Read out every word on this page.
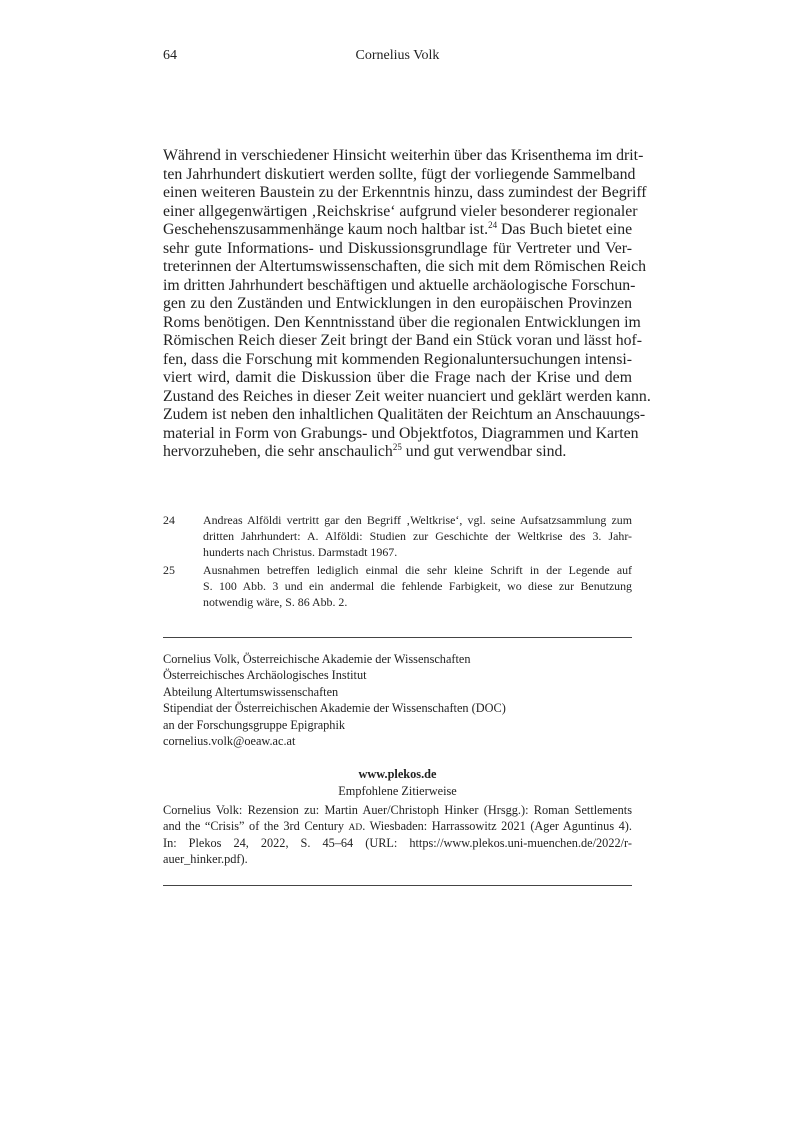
64	Cornelius Volk
Während in verschiedener Hinsicht weiterhin über das Krisenthema im drit-
ten Jahrhundert diskutiert werden sollte, fügt der vorliegende Sammelband
einen weiteren Baustein zu der Erkenntnis hinzu, dass zumindest der Begriff
einer allgegenwärtigen ‚Reichskrise‘ aufgrund vieler besonderer regionaler
Geschehenszusammenhänge kaum noch haltbar ist.$^{24}$ Das Buch bietet eine
sehr gute Informations- und Diskussionsgrundlage für Vertreter und Ver-
treterinnen der Altertumswissenschaften, die sich mit dem Römischen Reich
im dritten Jahrhundert beschäftigen und aktuelle archäologische Forschun-
gen zu den Zuständen und Entwicklungen in den europäischen Provinzen
Roms benötigen. Den Kenntnisstand über die regionalen Entwicklungen im
Römischen Reich dieser Zeit bringt der Band ein Stück voran und lässt hof-
fen, dass die Forschung mit kommenden Regionaluntersuchungen intensi-
viert wird, damit die Diskussion über die Frage nach der Krise und dem
Zustand des Reiches in dieser Zeit weiter nuanciert und geklärt werden kann.
Zudem ist neben den inhaltlichen Qualitäten der Reichtum an Anschauungs-
material in Form von Grabungs- und Objektfotos, Diagrammen und Karten
hervorzuheben, die sehr anschaulich$^{25}$ und gut verwendbar sind.
24 Andreas Alföldi vertritt gar den Begriff ‚Weltkrise‘, vgl. seine Aufsatzsammlung zum
dritten Jahrhundert: A. Alföldi: Studien zur Geschichte der Weltkrise des 3. Jahr-
hunderts nach Christus. Darmstadt 1967.
25 Ausnahmen betreffen lediglich einmal die sehr kleine Schrift in der Legende auf
S. 100 Abb. 3 und ein andermal die fehlende Farbigkeit, wo diese zur Benutzung
notwendig wäre, S. 86 Abb. 2.
Cornelius Volk, Österreichische Akademie der Wissenschaften
Österreichisches Archäologisches Institut
Abteilung Altertumswissenschaften
Stipendiat der Österreichischen Akademie der Wissenschaften (DOC)
an der Forschungsgruppe Epigraphik
cornelius.volk@oeaw.ac.at
www.plekos.de
Empfohlene Zitierweise
Cornelius Volk: Rezension zu: Martin Auer/Christoph Hinker (Hrsgg.): Roman Settlements
and the “Crisis” of the 3rd Century AD. Wiesbaden: Harrassowitz 2021 (Ager Aguntinus 4).
In: Plekos 24, 2022, S. 45–64 (URL: https://www.plekos.uni-muenchen.de/2022/r-
auer_hinker.pdf).
